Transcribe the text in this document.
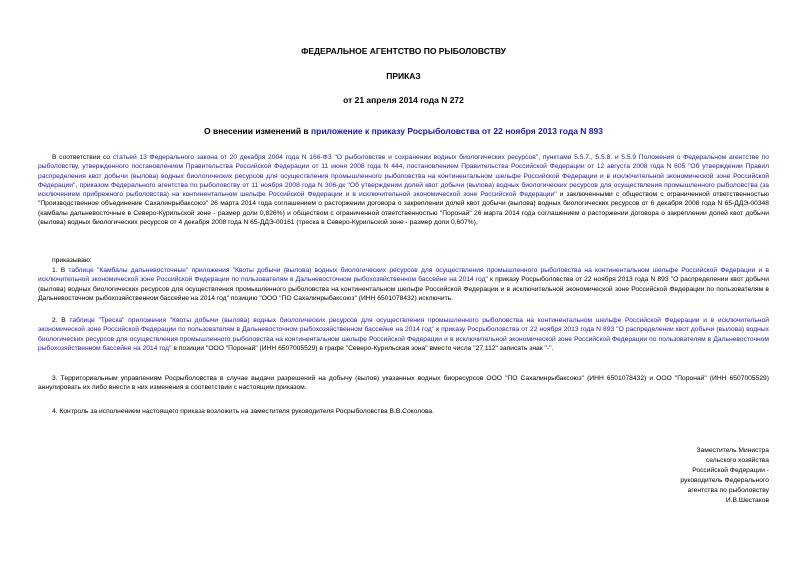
ФЕДЕРАЛЬНОЕ АГЕНТСТВО ПО РЫБОЛОВСТВУ
ПРИКАЗ
от 21 апреля 2014 года N 272
О внесении изменений в приложение к приказу Росрыболовства от 22 ноября 2013 года N 893
В соответствии со статьей 13 Федерального закона от 20 декабря 2004 года N 166-ФЗ "О рыболовстве и сохранении водных биологических ресурсов", пунктами 5.5.7., 5.5.8. и 5.5.9 Положения о Федеральном агентстве по рыболовству, утвержденного постановлением Правительства Российской Федерации от 11 июня 2008 года N 444, постановлением Правительства Российской Федерации от 12 августа 2008 года N 605 "Об утверждении Правил распределения квот добычи (вылова) водных биологических ресурсов для осуществления промышленного рыболовства на континентальном шельфе Российской Федерации и в исключительной экономической зоне Российской Федерации", приказом Федерального агентства по рыболовству от 11 ноября 2008 года N 306-дк "Об утверждении долей квот добычи (вылова) водных биологических ресурсов для осуществления промышленного рыболовства (за исключением прибрежного рыболовства) на континентальном шельфе Российской Федерации и в исключительной экономической зоне Российской Федерации" и заключенными с обществом с ограниченной ответственностью "Производственное объединение Сахалинрыбаксоюз" 26 марта 2014 года соглашением о расторжении договора о закреплении долей квот добычи (вылова) водных биологических ресурсов от 6 декабря 2008 года N 65-ДДЭ-00348 (камбалы дальневосточные в Северо-Курильской зоне - размер доли 0,826%) и обществом с ограниченной ответственностью "Поронай" 26 марта 2014 года соглашением о расторжении договора о закреплении долей квот добычи (вылова) водных биологических ресурсов от 4 декабря 2008 года N 65-ДДЭ-00161 (треска в Северо-Курильской зоне - размер доли 0,607%),
приказываю:
1. В таблице "Камбалы дальневосточные" приложения "Квоты добычи (вылова) водных биологических ресурсов для осуществления промышленного рыболовства на континентальном шельфе Российской Федерации и в исключительной экономической зоне Российской Федерации по пользователям в Дальневосточном рыбохозяйственном бассейне на 2014 год" к приказу Росрыболовства от 22 ноября 2013 года N 893 "О распределении квот добычи (вылова) водных биологических ресурсов для осуществления промышленного рыболовства на континентальном шельфе Российской Федерации и в исключительной экономической зоне Российской Федерации по пользователям в Дальневосточном рыбохозяйственном бассейне на 2014 год" позицию "ООО "ПО Сахалинрыбаксоюз" (ИНН 6501078432) исключить.
2. В таблице "Треска" приложения "Квоты добычи (вылова) водных биологических ресурсов для осуществления промышленного рыболовства на континентальном шельфе Российской Федерации и в исключительной экономической зоне Российской Федерации по пользователям в Дальневосточном рыбохозяйственном бассейне на 2014 год" к приказу Росрыболовства от 22 ноября 2013 года N 893 "О распределении квот добычи (вылова) водных биологических ресурсов для осуществления промышленного рыболовства на континентальном шельфе Российской Федерации и в исключительной экономической зоне Российской Федерации по пользователям в Дальневосточном рыбохозяйственном бассейне на 2014 год" в позиции "ООО "Поронай" (ИНН 6507005529) в графе "Северо-Курильская зона" вместо числа "27,112" записать знак "-".
3. Территориальным управлениям Росрыболовства в случае выдачи разрешений на добычу (вылов) указанных водных биоресурсов ООО "ПО Сахалинрыбаксоюз" (ИНН 6501078432) и ООО "Поронай" (ИНН 6507005529) аннулировать их либо внести в них изменения в соответствии с настоящим приказом.
4. Контроль за исполнением настоящего приказа возложить на заместителя руководителя Росрыболовства В.В.Соколова.
Заместитель Министра
сельского хозяйства
Российской Федерации -
руководитель Федерального
агентства по рыболовству
И.В.Шестаков
